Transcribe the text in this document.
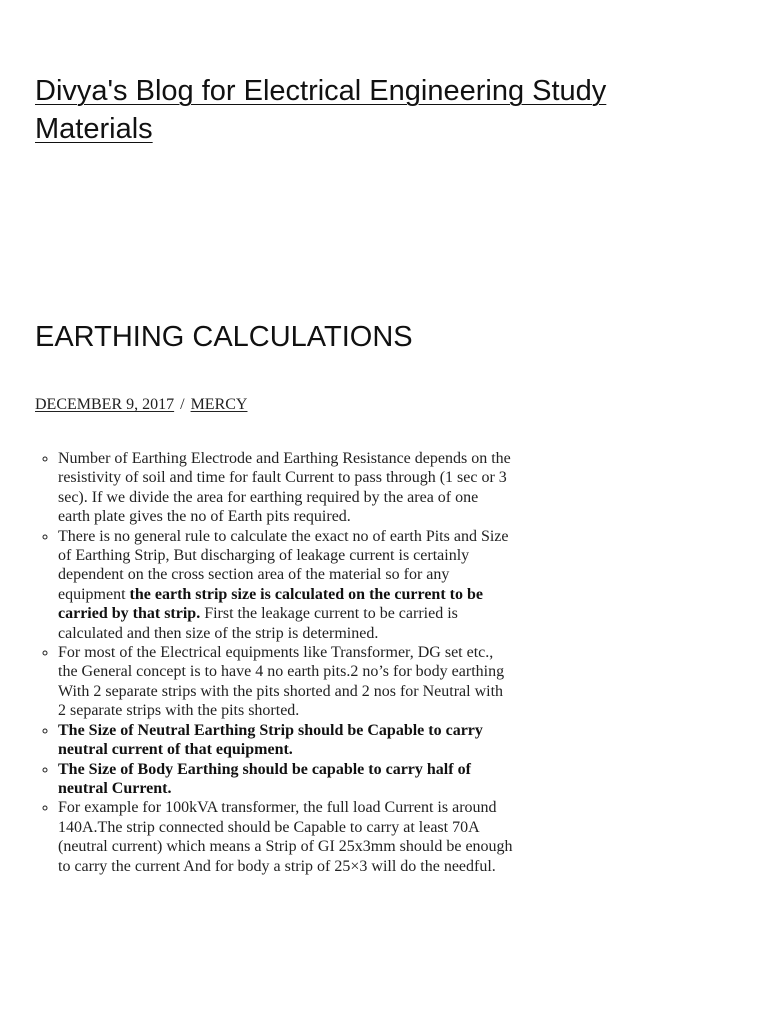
Divya's Blog for Electrical Engineering Study Materials
EARTHING CALCULATIONS
DECEMBER 9, 2017 / MERCY
◦ Number of Earthing Electrode and Earthing Resistance depends on the resistivity of soil and time for fault Current to pass through (1 sec or 3 sec). If we divide the area for earthing required by the area of one earth plate gives the no of Earth pits required.
◦ There is no general rule to calculate the exact no of earth Pits and Size of Earthing Strip, But discharging of leakage current is certainly dependent on the cross section area of the material so for any equipment the earth strip size is calculated on the current to be carried by that strip. First the leakage current to be carried is calculated and then size of the strip is determined.
◦ For most of the Electrical equipments like Transformer, DG set etc., the General concept is to have 4 no earth pits.2 no’s for body earthing With 2 separate strips with the pits shorted and 2 nos for Neutral with 2 separate strips with the pits shorted.
◦ The Size of Neutral Earthing Strip should be Capable to carry neutral current of that equipment.
◦ The Size of Body Earthing should be capable to carry half of neutral Current.
◦ For example for 100kVA transformer, the full load Current is around 140A.The strip connected should be Capable to carry at least 70A (neutral current) which means a Strip of GI 25x3mm should be enough to carry the current And for body a strip of 25×3 will do the needful.
